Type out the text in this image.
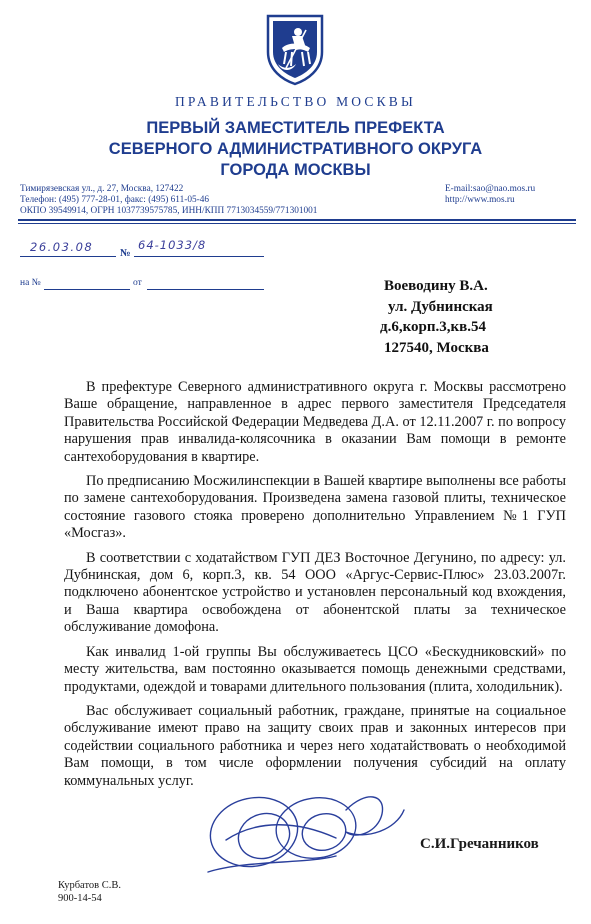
ПРАВИТЕЛЬСТВО МОСКВЫ
ПЕРВЫЙ ЗАМЕСТИТЕЛЬ ПРЕФЕКТА
СЕВЕРНОГО АДМИНИСТРАТИВНОГО ОКРУГА
ГОРОДА МОСКВЫ
Тимирязевская ул., д. 27, Москва, 127422
Телефон: (495) 777-28-01, факс: (495) 611-05-46
ОКПО 39549914, ОГРН 1037739575785, ИНН/КПП 7713034559/771301001
E-mail:sao@nao.mos.ru
http://www.mos.ru
26.03.08	№
64-1033/8
на №	от	Воеводину В.А.
ул. Дубнинская
д.6,корп.3,кв.54
127540, Москва

В префектуре Северного административного округа г. Москвы рассмотрено Ваше обращение, направленное в адрес первого заместителя Председателя Правительства Российской Федерации Медведева Д.А. от 12.11.2007 г. по вопросу нарушения прав инвалида-колясочника в оказании Вам помощи в ремонте сантехоборудования в квартире.

По предписанию Мосжилинспекции в Вашей квартире выполнены все работы по замене сантехоборудования. Произведена замена газовой плиты, техническое состояние газового стояка проверено дополнительно Управлением №1 ГУП «Мосгаз».

В соответствии с ходатайством ГУП ДЕЗ Восточное Дегунино, по адресу: ул. Дубнинская, дом 6, корп.3, кв. 54 ООО «Аргус-Сервис-Плюс» 23.03.2007г. подключено абонентское устройство и установлен персональный код вхождения, и Ваша квартира освобождена от абонентской платы за техническое обслуживание домофона.

Как инвалид 1-ой группы Вы обслуживаетесь ЦСО «Бескудниковский» по месту жительства, вам постоянно оказывается помощь денежными средствами, продуктами, одеждой и товарами длительного пользования (плита, холодильник).

Вас обслуживает социальный работник, граждане, принятые на социальное обслуживание имеют право на защиту своих прав и законных интересов при содействии социального работника и через него ходатайствовать о необходимой Вам помощи, в том числе оформлении получения субсидий на оплату коммунальных услуг.

С.И.Гречанников
Курбатов С.В.
900-14-54
